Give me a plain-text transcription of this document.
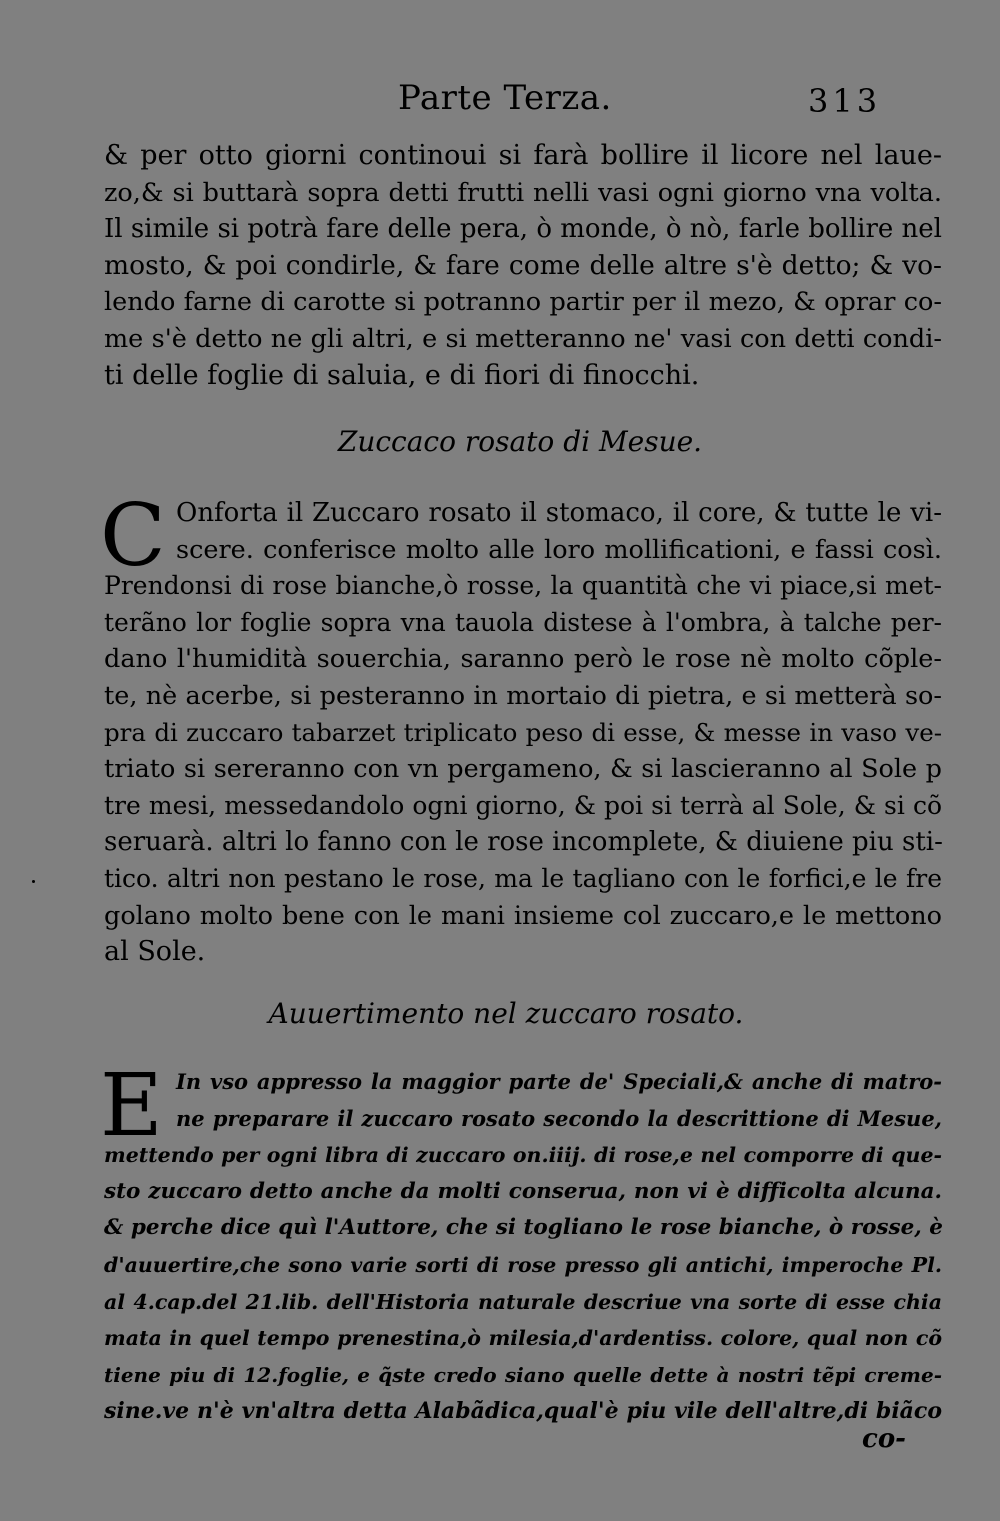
Parte Terza.	313
& per otto giorni continoui si farà bollire il licore nel laue-
zo,& si buttarà sopra detti frutti nelli vasi ogni giorno vna volta.
Il simile si potrà fare delle pera, ò monde, ò nò, farle bollire nel
mosto, & poi condirle, & fare come delle altre s'è detto; & vo-
lendo farne di carotte si potranno partir per il mezo, & oprar co-
me s'è detto ne gli altri, e si metteranno ne' vasi con detti condi-
ti delle foglie di saluia, e di fiori di finocchi.
Zuccaco rosato di Mesue.
C Onforta il Zuccaro rosato il stomaco, il core, & tutte le vi-
scere. conferisce molto alle loro mollificationi, e fassi così.
Prendonsi di rose bianche,ò rosse, la quantità che vi piace,si met-
terãno lor foglie sopra vna tauola distese à l'ombra, à talche per-
dano l'humidità souerchia, saranno però le rose nè molto cõple-
te, nè acerbe, si pesteranno in mortaio di pietra, e si metterà so-
pra di zuccaro tabarzet triplicato peso di esse, & messe in vaso ve-
triato si sereranno con vn pergameno, & si lascieranno al Sole p
tre mesi, messedandolo ogni giorno, & poi si terrà al Sole, & si cõ
seruarà. altri lo fanno con le rose incomplete, & diuiene piu sti-
tico. altri non pestano le rose, ma le tagliano con le forfici,e le fre
golano molto bene con le mani insieme col zuccaro,e le mettono
al Sole.
Auuertimento nel zuccaro rosato.
E In vso appresso la maggior parte de' Speciali,& anche di matro-
ne preparare il zuccaro rosato secondo la descrittione di Mesue,
mettendo per ogni libra di zuccaro on.iiij. di rose,e nel comporre di que-
sto zuccaro detto anche da molti conserua, non vi è difficolta alcuna.
& perche dice quì l'Auttore, che si togliano le rose bianche, ò rosse, è
d'auuertire,che sono varie sorti di rose presso gli antichi, imperoche Pl.
al 4.cap.del 21.lib. dell'Historia naturale descriue vna sorte di esse chia
mata in quel tempo prenestina,ò milesia,d'ardentiss. colore, qual non cõ
tiene piu di 12.foglie, e q̃ste credo siano quelle dette à nostri tẽpi creme-
sine.ve n'è vn'altra detta Alabãdica,qual'è piu vile dell'altre,di biãco
co-
